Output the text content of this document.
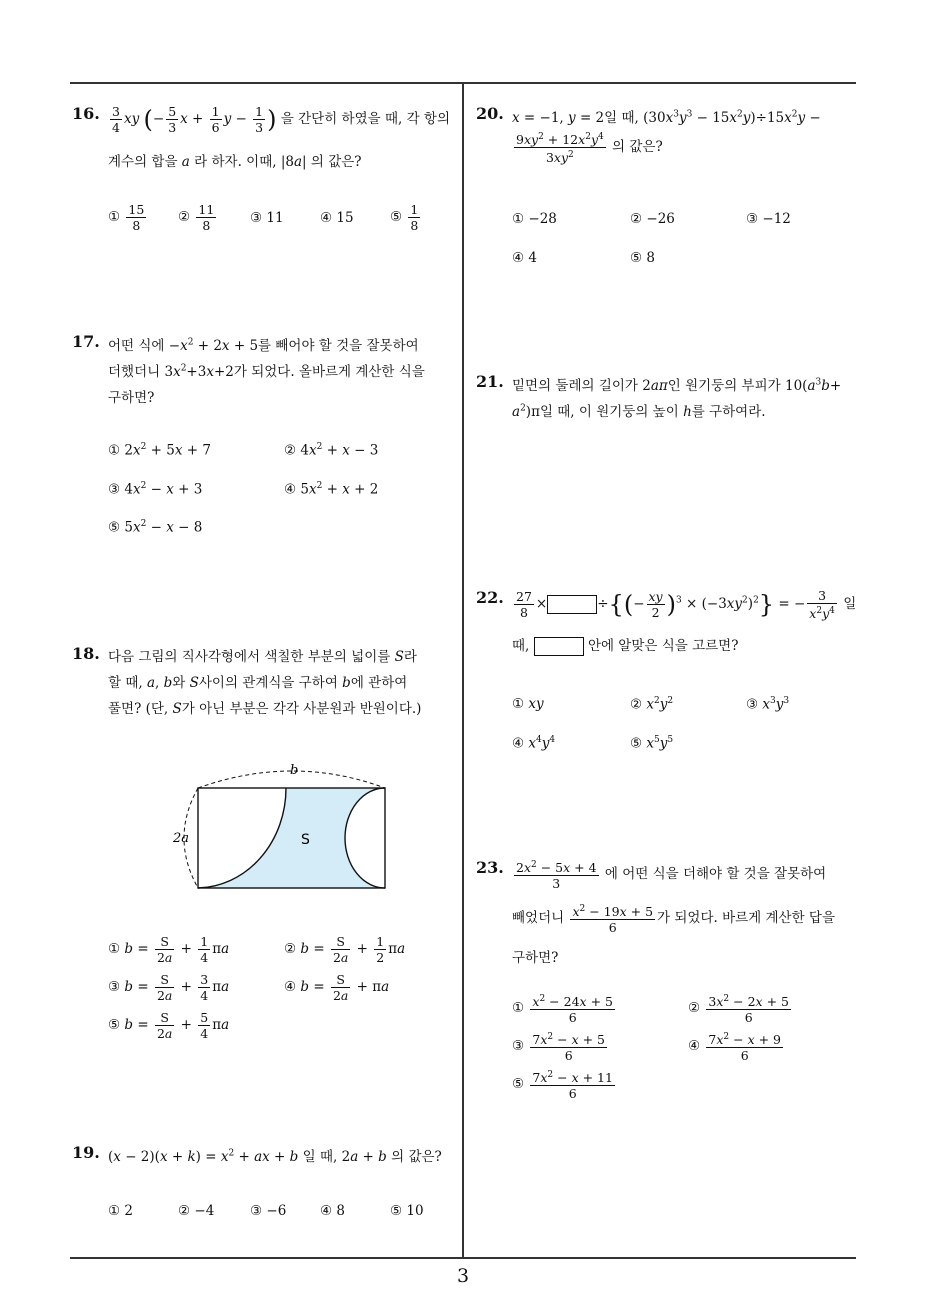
16. $\frac{3}{4}$ xy (− $\frac{5}{3}$ $x + \frac{1}{6}$ $y - \frac{1}{3}$ ) 을 간단히 하였을 때, 각 항의
계수의 합을 a 라 하자. 이때, |8a| 의 값은?
① $\frac{15}{8}$ ② $\frac{11}{8}$ ③ 11	④ 15	⑤ $\frac{1}{8}$
17. 어떤 식에 $-x^2 + 2x + 5$를 빼어야 할 것을 잘못하여
더했더니 $3x^2+3x+2$가 되었다. 올바르게 계산한 식을
구하면?
① $2x^2 + 5x + 7$	② $4x^2 + x - 3$
③ $4x^2 - x + 3$	④ $5x^2 + x + 2$
⑤ $5x^2 - x - 8$
18. 다음 그림의 직사각형에서 색칠한 부분의 넓이를 S라
할 때, a, b와 S사이의 관계식을 구하여 b에 관하여
풀면? (단, S가 아닌 부분은 각각 사분원과 반원이다.)
b
2a	S
① $b = \frac{S}{2a} + \frac{1}{4}$ πa	② $b = \frac{S}{2a} + \frac{1}{2}$ πa
③ $b = \frac{S}{2a} + \frac{3}{4}$ πa	④ $b = \frac{S}{2a} + \pi a$
⑤ $b = \frac{S}{2a} + \frac{5}{4}$ πa
19. $(x - 2)(x + k) = x^2$ + ax + b 일 때, 2a + b 의 값은?
① 2	② −4	③ −6 ④ 8	⑤ 10
20. x = −1, y = 2일 때, $(30x^3y^3 - 15x^2y)\div 15x^2y$ −
$\frac{9xy^2 + 12x^2y^4}{3xy^2}$ 의 값은?
① −28	② −26	③ −12
④ 4	⑤ 8
21. 밑면의 둘레의 길이가 2aπ인 원기둥의 부피가 $10(a^3b+$
$a^2)\pi$일 때, 이 원기둥의 높이 h를 구하여라.
22. $\frac{27}{8}$ ×	÷{(− $\frac{xy}{2} )^3 \times (-3xy^2)^2$} = − $\frac{3}{x^2y^4}$ 일
때,	안에 알맞은 식을 고르면?
① xy	② $x^2y^2$	③ $x^3y^3$
④ $x^4y^4$	⑤ $x^5y^5$
23. $\frac{2x^2 - 5x + 4}{3}$ 에 어떤 식을 더해야 할 것을 잘못하여
빼었더니 $\frac{x^2 - 19x + 5}{6}$ 가 되었다. 바르게 계산한 답을
구하면?
① $\frac{x^2 - 24x + 5}{6}$	② $\frac{3x^2 - 2x + 5}{6}$
③ $\frac{7x^2 - x + 5}{6}$	④ $\frac{7x^2 - x + 9}{6}$
⑤ $\frac{7x^2 - x + 11}{6}$
3
